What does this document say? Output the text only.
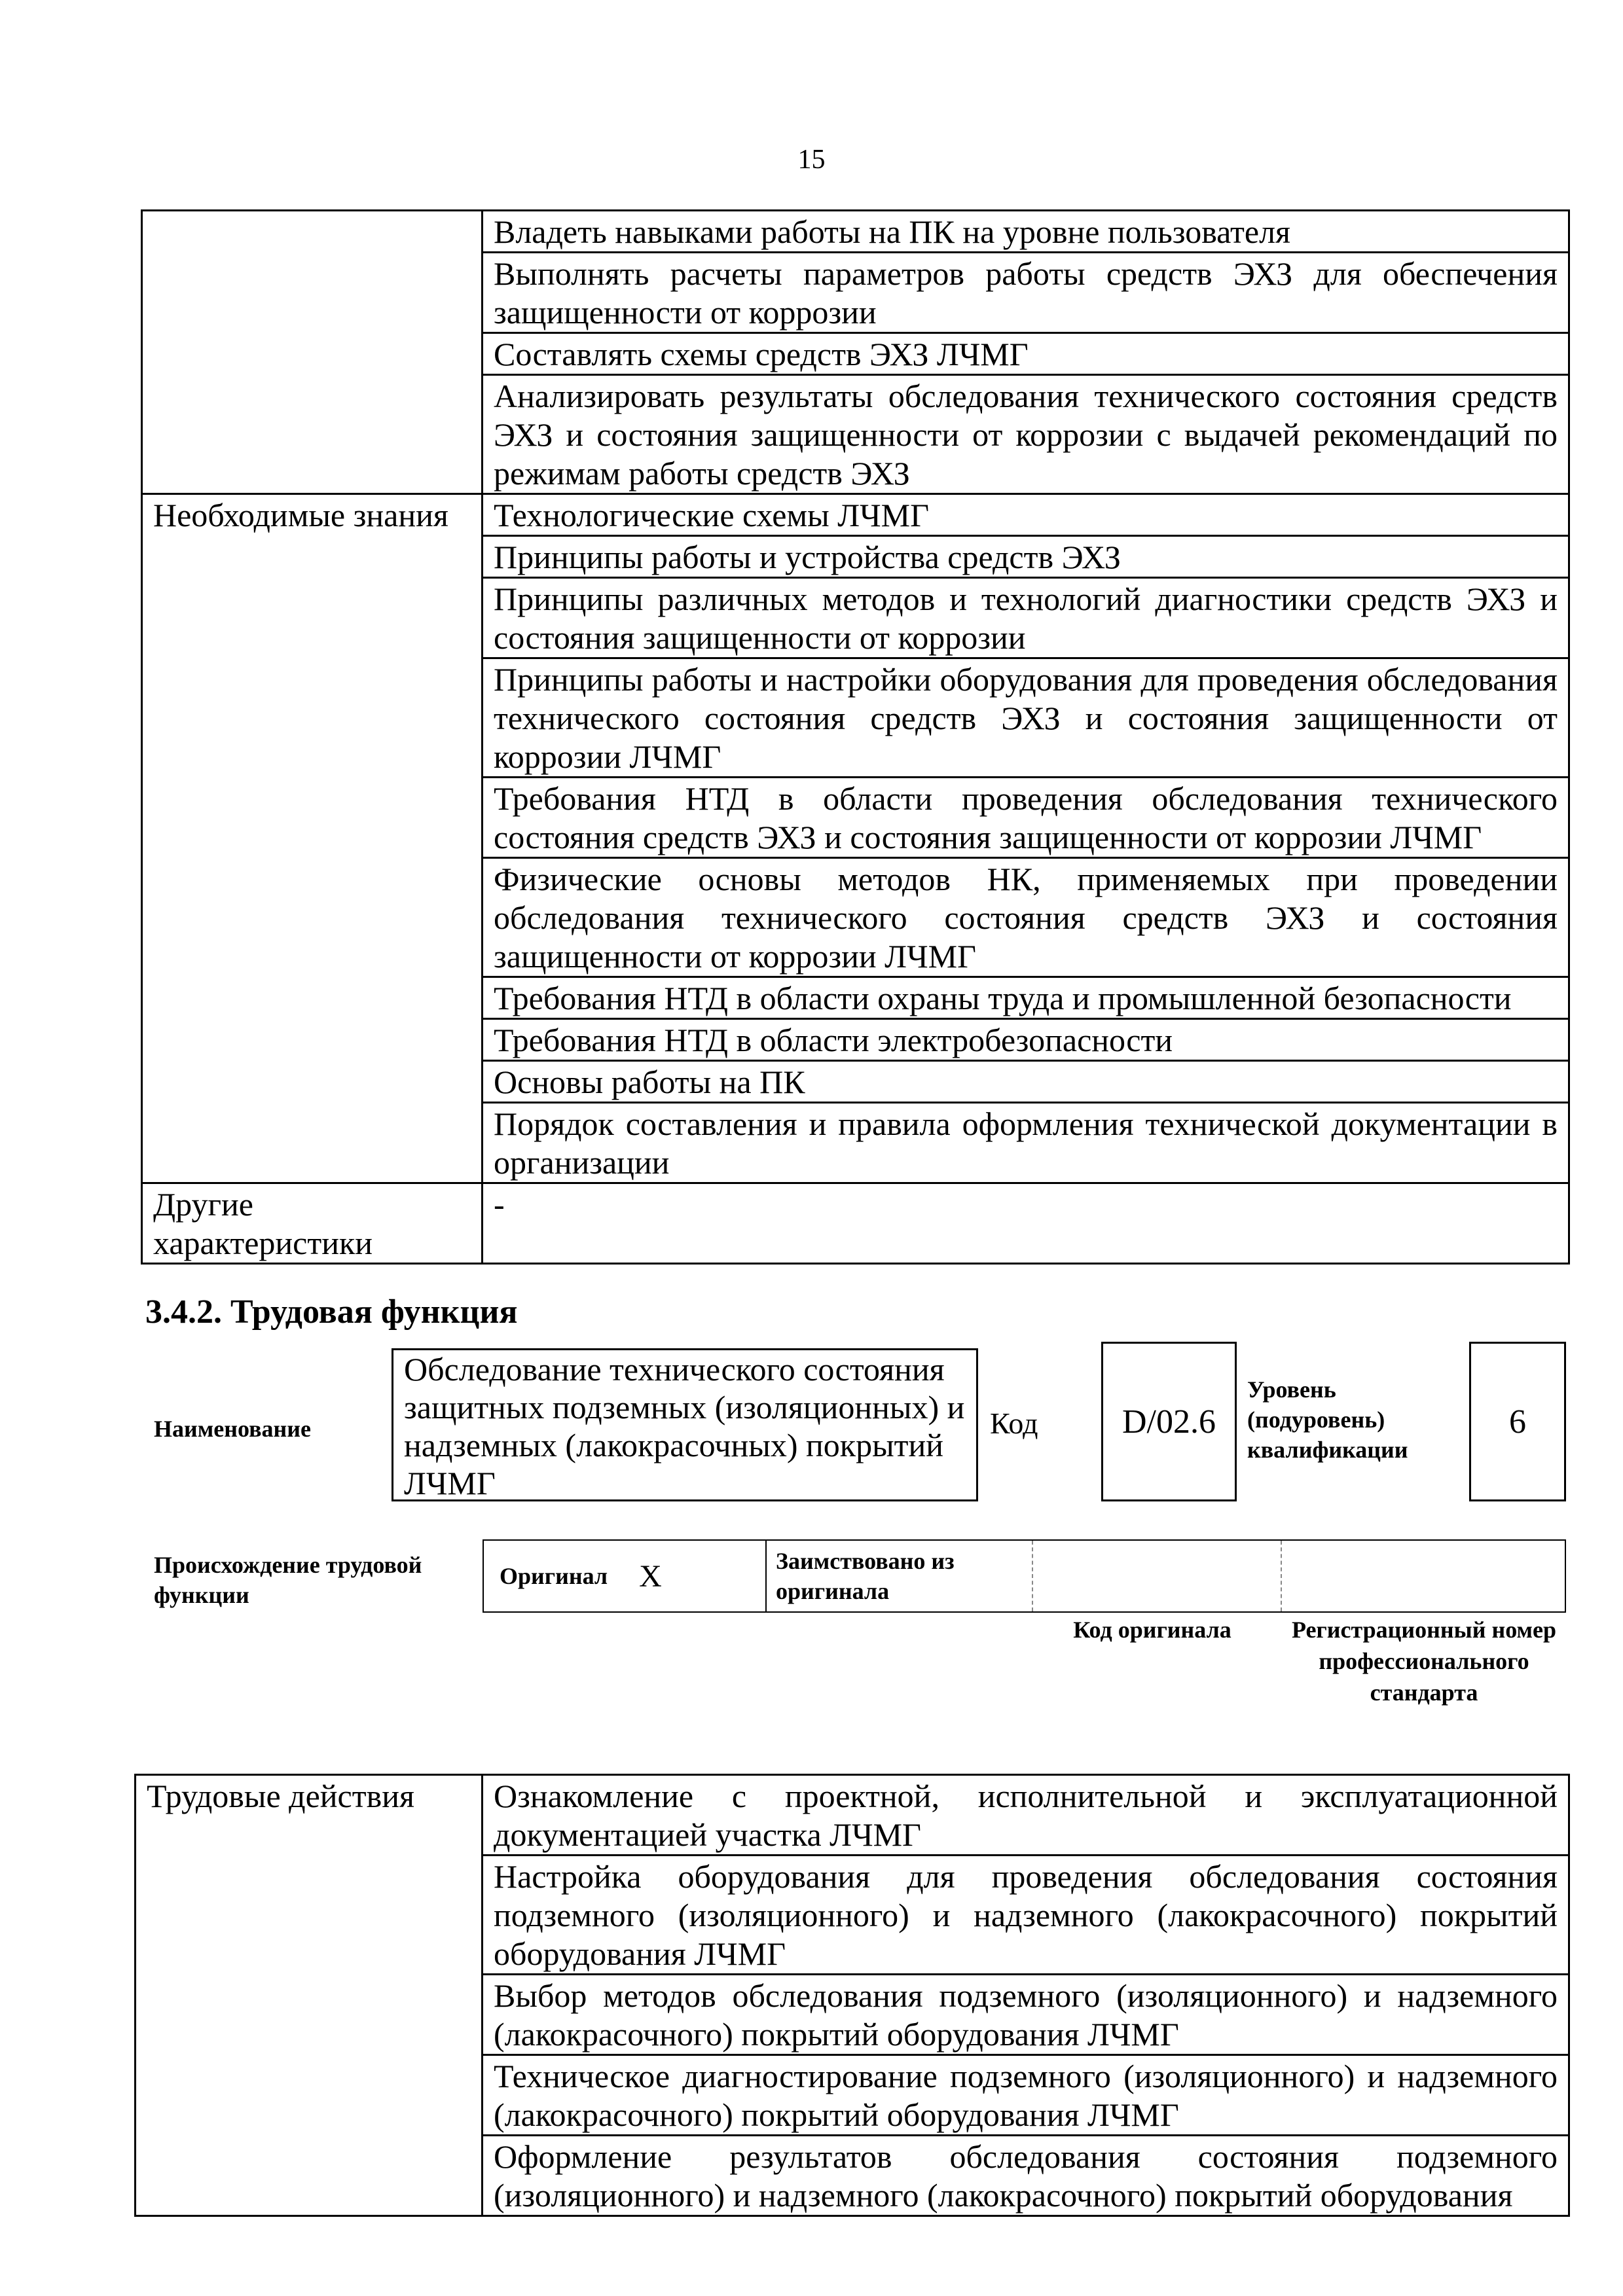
15
	Владеть навыками работы на ПК на уровне пользователя
	Выполнять расчеты параметров работы средств ЭХЗ для обеспечения защищенности от коррозии
	Составлять схемы средств ЭХЗ ЛЧМГ
	Анализировать результаты обследования технического состояния средств ЭХЗ и состояния защищенности от коррозии с выдачей рекомендаций по режимам работы средств ЭХЗ
Необходимые знания	Технологические схемы ЛЧМГ
	Принципы работы и устройства средств ЭХЗ
	Принципы различных методов и технологий диагностики средств ЭХЗ и состояния защищенности от коррозии
	Принципы работы и настройки оборудования для проведения обследования технического состояния средств ЭХЗ и состояния защищенности от коррозии ЛЧМГ
	Требования НТД в области проведения обследования технического состояния средств ЭХЗ и состояния защищенности от коррозии ЛЧМГ
	Физические основы методов НК, применяемых при проведении обследования технического состояния средств ЭХЗ и состояния защищенности от коррозии ЛЧМГ
	Требования НТД в области охраны труда и промышленной безопасности
	Требования НТД в области электробезопасности
	Основы работы на ПК
	Порядок составления и правила оформления технической документации в организации
Другие характеристики	-
3.4.2. Трудовая функция
Наименование
Обследование технического состояния защитных подземных (изоляционных) и надземных (лакокрасочных) покрытий ЛЧМГ
Код	D/02.6
Уровень (подуровень) квалификации
6
Происхождение трудовой функции
Оригинал X	Заимствовано из оригинала
Код оригинала	Регистрационный номер профессионального стандарта
Трудовые действия	Ознакомление с проектной, исполнительной и эксплуатационной документацией участка ЛЧМГ
Настройка оборудования для проведения обследования состояния подземного (изоляционного) и надземного (лакокрасочного) покрытий оборудования ЛЧМГ
Выбор методов обследования подземного (изоляционного) и надземного (лакокрасочного) покрытий оборудования ЛЧМГ
Техническое диагностирование подземного (изоляционного) и надземного (лакокрасочного) покрытий оборудования ЛЧМГ
Оформление результатов обследования состояния подземного (изоляционного) и надземного (лакокрасочного) покрытий оборудования
